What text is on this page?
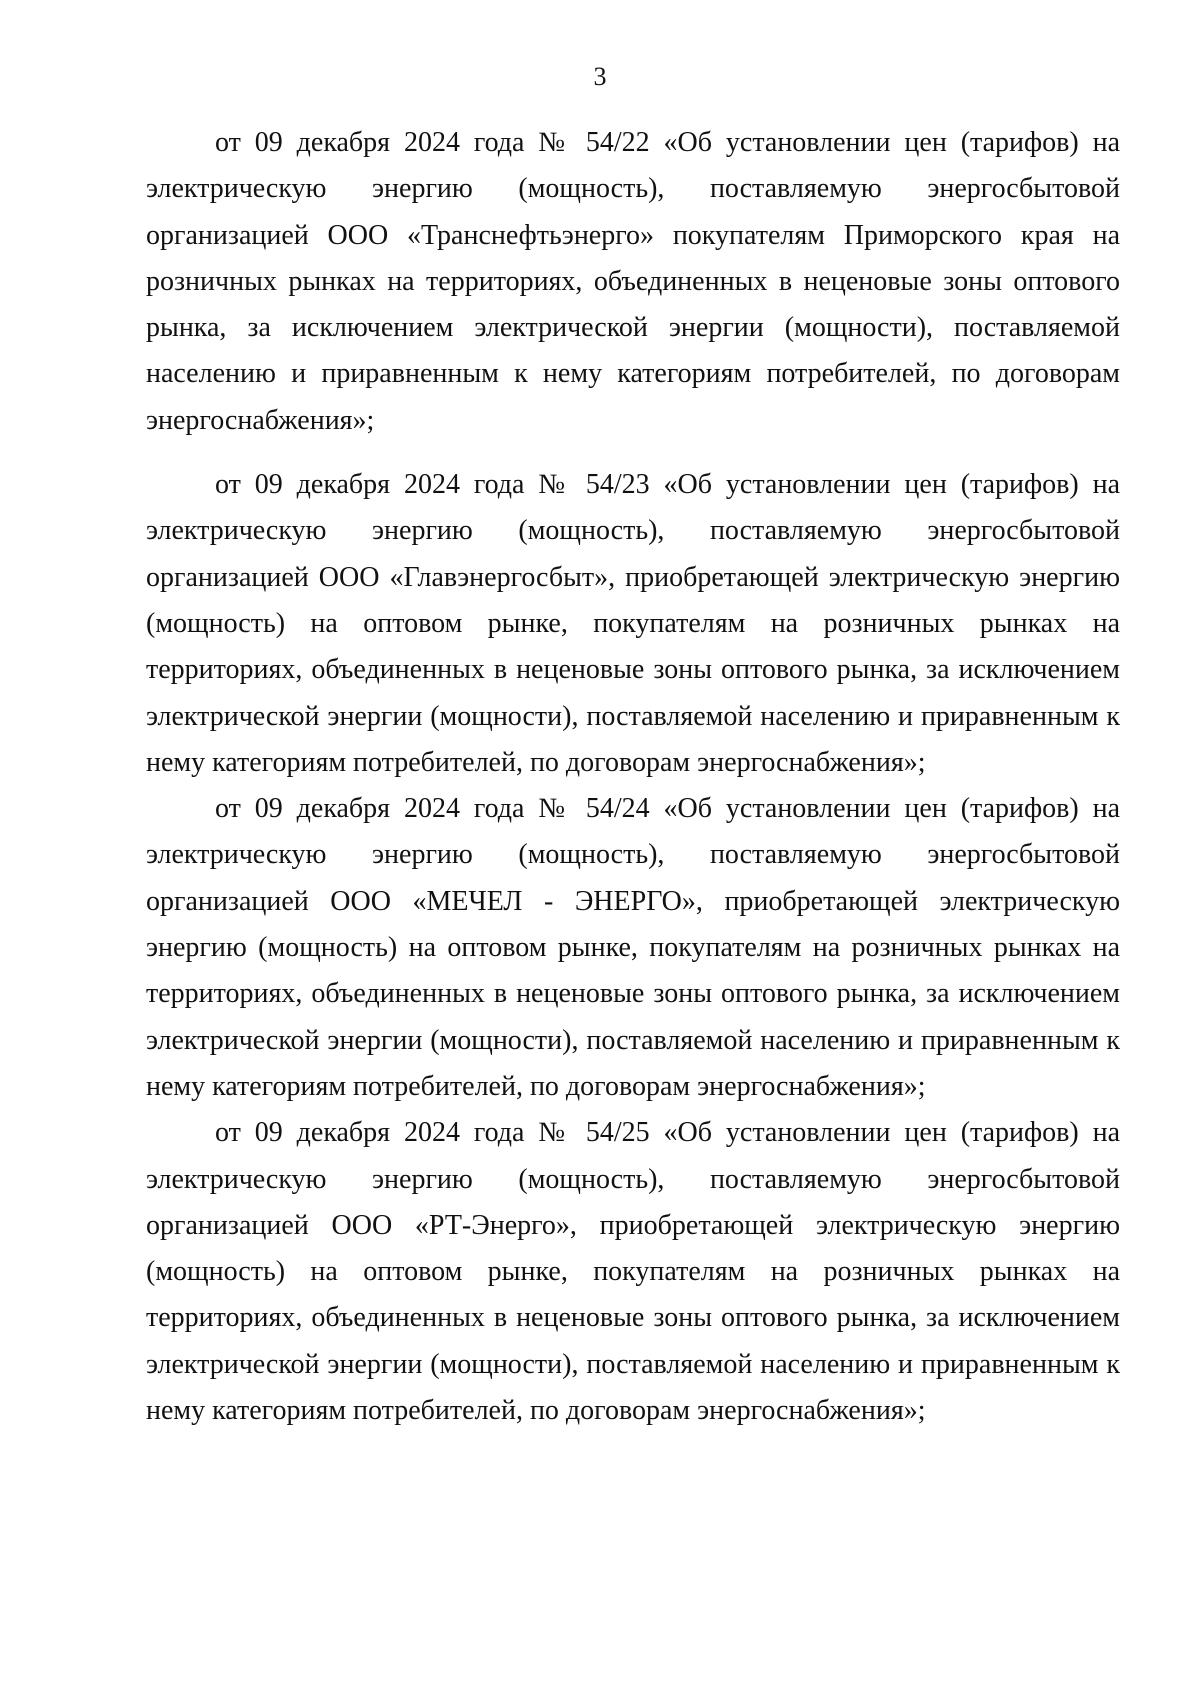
3

от 09 декабря 2024 года № 54/22 «Об установлении цен (тарифов) на электрическую энергию (мощность), поставляемую энергосбытовой организацией ООО «Транснефтьэнерго» покупателям Приморского края на розничных рынках на территориях, объединенных в неценовые зоны оптового рынка, за исключением электрической энергии (мощности), поставляемой населению и приравненным к нему категориям потребителей, по договорам энергоснабжения»;

от 09 декабря 2024 года № 54/23 «Об установлении цен (тарифов) на электрическую энергию (мощность), поставляемую энергосбытовой организацией ООО «Главэнергосбыт», приобретающей электрическую энергию (мощность) на оптовом рынке, покупателям на розничных рынках на территориях, объединенных в неценовые зоны оптового рынка, за исключением электрической энергии (мощности), поставляемой населению и приравненным к нему категориям потребителей, по договорам энергоснабжения»;

от 09 декабря 2024 года № 54/24 «Об установлении цен (тарифов) на электрическую энергию (мощность), поставляемую энергосбытовой организацией ООО «МЕЧЕЛ - ЭНЕРГО», приобретающей электрическую энергию (мощность) на оптовом рынке, покупателям на розничных рынках на территориях, объединенных в неценовые зоны оптового рынка, за исключением электрической энергии (мощности), поставляемой населению и приравненным к нему категориям потребителей, по договорам энергоснабжения»;

от 09 декабря 2024 года № 54/25 «Об установлении цен (тарифов) на электрическую энергию (мощность), поставляемую энергосбытовой организацией ООО «РТ-Энерго», приобретающей электрическую энергию (мощность) на оптовом рынке, покупателям на розничных рынках на территориях, объединенных в неценовые зоны оптового рынка, за исключением электрической энергии (мощности), поставляемой населению и приравненным к нему категориям потребителей, по договорам энергоснабжения»;
